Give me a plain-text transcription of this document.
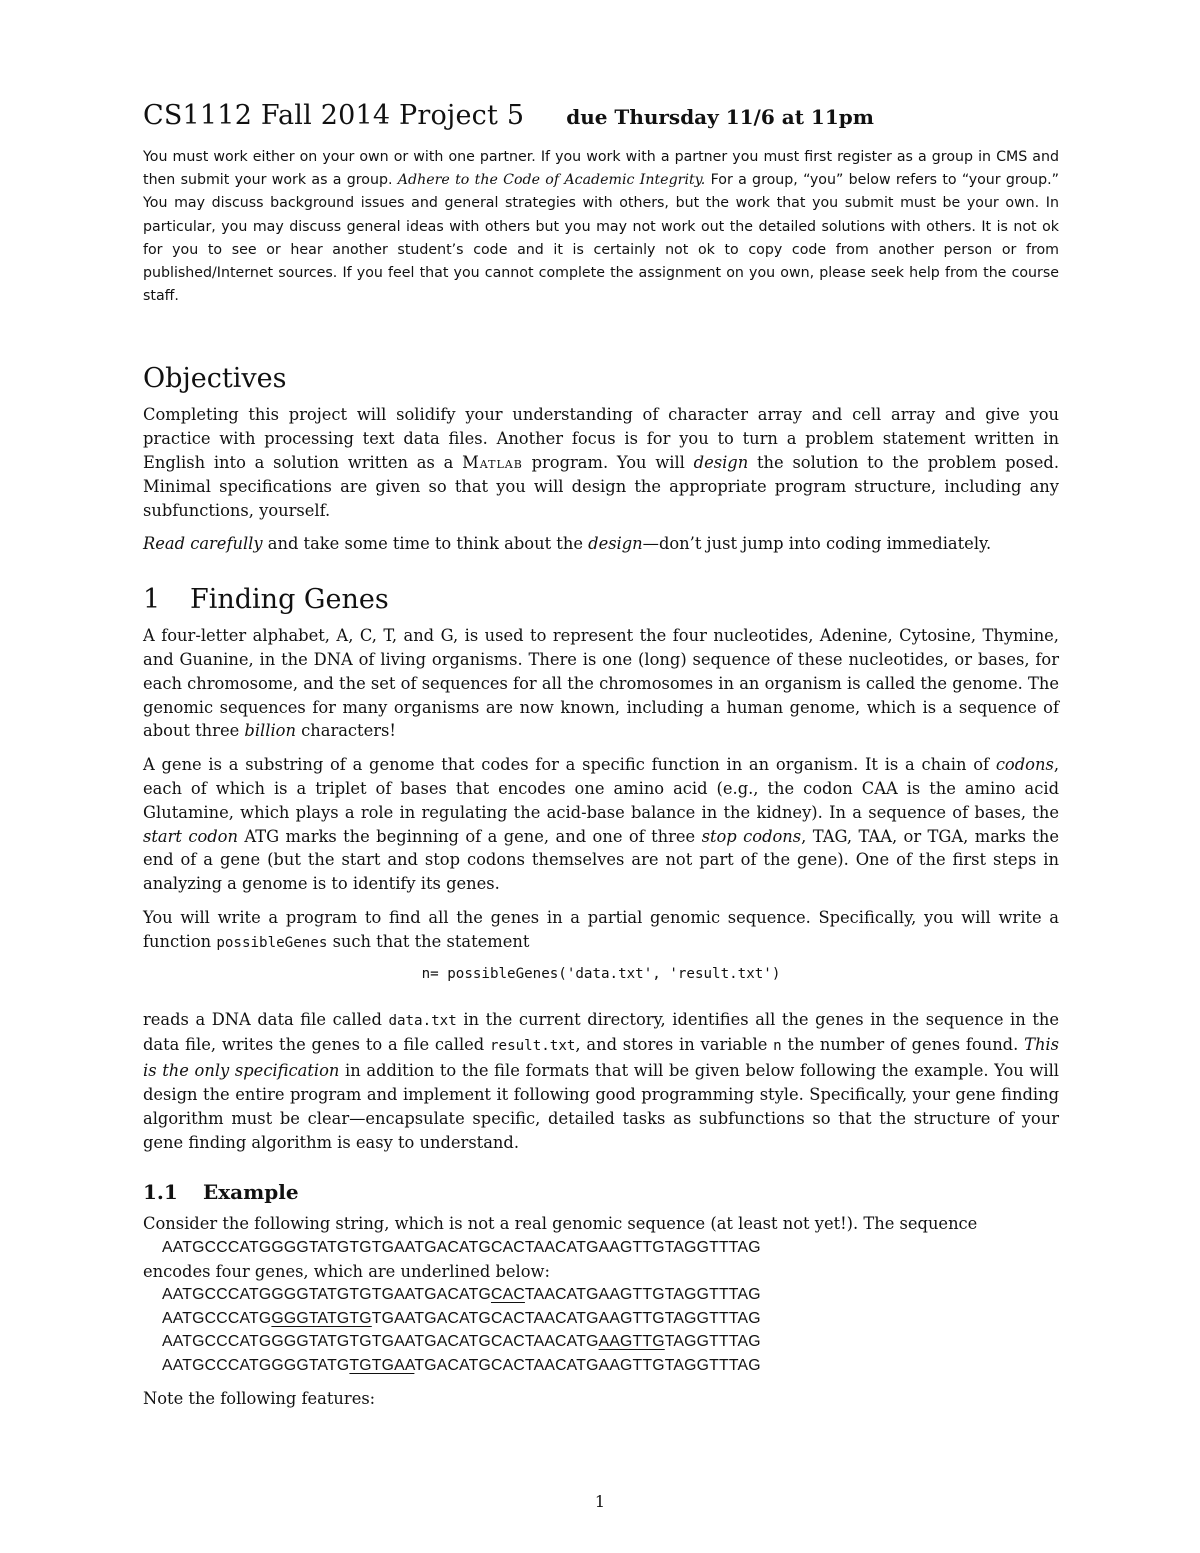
CS1112 Fall 2014 Project 5 due Thursday 11/6 at 11pm

You must work either on your own or with one partner. If you work with a partner you must first register as a group in CMS and then submit your work as a group. Adhere to the Code of Academic Integrity. For a group, “you” below refers to “your group.” You may discuss background issues and general strategies with others, but the work that you submit must be your own. In particular, you may discuss general ideas with others but you may not work out the detailed solutions with others. It is not ok for you to see or hear another student’s code and it is certainly not ok to copy code from another person or from published/Internet sources. If you feel that you cannot complete the assignment on you own, please seek help from the course staff.

Objectives

Completing this project will solidify your understanding of character array and cell array and give you practice with processing text data files. Another focus is for you to turn a problem statement written in English into a solution written as a Matlab program. You will design the solution to the problem posed. Minimal specifications are given so that you will design the appropriate program structure, including any subfunctions, yourself.

Read carefully and take some time to think about the design—don’t just jump into coding immediately.

1 Finding Genes

A four-letter alphabet, A, C, T, and G, is used to represent the four nucleotides, Adenine, Cytosine, Thymine, and Guanine, in the DNA of living organisms. There is one (long) sequence of these nucleotides, or bases, for each chromosome, and the set of sequences for all the chromosomes in an organism is called the genome. The genomic sequences for many organisms are now known, including a human genome, which is a sequence of about three billion characters!

A gene is a substring of a genome that codes for a specific function in an organism. It is a chain of codons, each of which is a triplet of bases that encodes one amino acid (e.g., the codon CAA is the amino acid Glutamine, which plays a role in regulating the acid-base balance in the kidney). In a sequence of bases, the start codon ATG marks the beginning of a gene, and one of three stop codons, TAG, TAA, or TGA, marks the end of a gene (but the start and stop codons themselves are not part of the gene). One of the first steps in analyzing a genome is to identify its genes.

You will write a program to find all the genes in a partial genomic sequence. Specifically, you will write a function possibleGenes such that the statement

n= possibleGenes('data.txt', 'result.txt')

reads a DNA data file called data.txt in the current directory, identifies all the genes in the sequence in the data file, writes the genes to a file called result.txt, and stores in variable n the number of genes found. This is the only specification in addition to the file formats that will be given below following the example. You will design the entire program and implement it following good programming style. Specifically, your gene finding algorithm must be clear—encapsulate specific, detailed tasks as subfunctions so that the structure of your gene finding algorithm is easy to understand.

1.1 Example

Consider the following string, which is not a real genomic sequence (at least not yet!). The sequence

AATGCCCATGGGGTATGTGTGAATGACATGCACTAACATGAAGTTGTAGGTTTAG

encodes four genes, which are underlined below:

AATGCCCATGGGGTATGTGTGAATGACATGCACTAACATGAAGTTGTAGGTTTAG
AATGCCCATGGGGTATGTGTGAATGACATGCACTAACATGAAGTTGTAGGTTTAG
AATGCCCATGGGGTATGTGTGAATGACATGCACTAACATGAAGTTGTAGGTTTAG
AATGCCCATGGGGTATGTGTGAATGACATGCACTAACATGAAGTTGTAGGTTTAG

Note the following features:

1
